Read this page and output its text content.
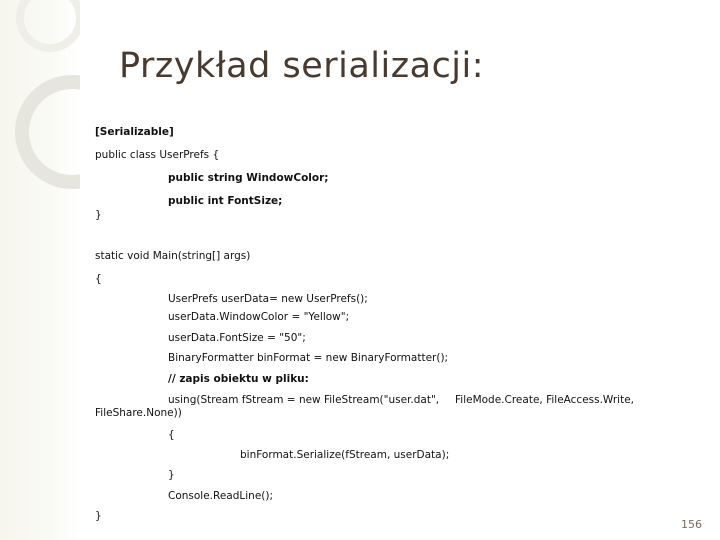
Przykład serializacji:
[Serializable]
public class UserPrefs {
public string WindowColor;
public int FontSize;
}
static void Main(string[] args)
{
UserPrefs userData= new UserPrefs();
userData.WindowColor = "Yellow";
userData.FontSize = "50";
BinaryFormatter binFormat = new BinaryFormatter();
// zapis obiektu w pliku:
using(Stream fStream = new FileStream("user.dat", FileMode.Create, FileAccess.Write,
FileShare.None))
{
binFormat.Serialize(fStream, userData);
}
Console.ReadLine();
}
156
